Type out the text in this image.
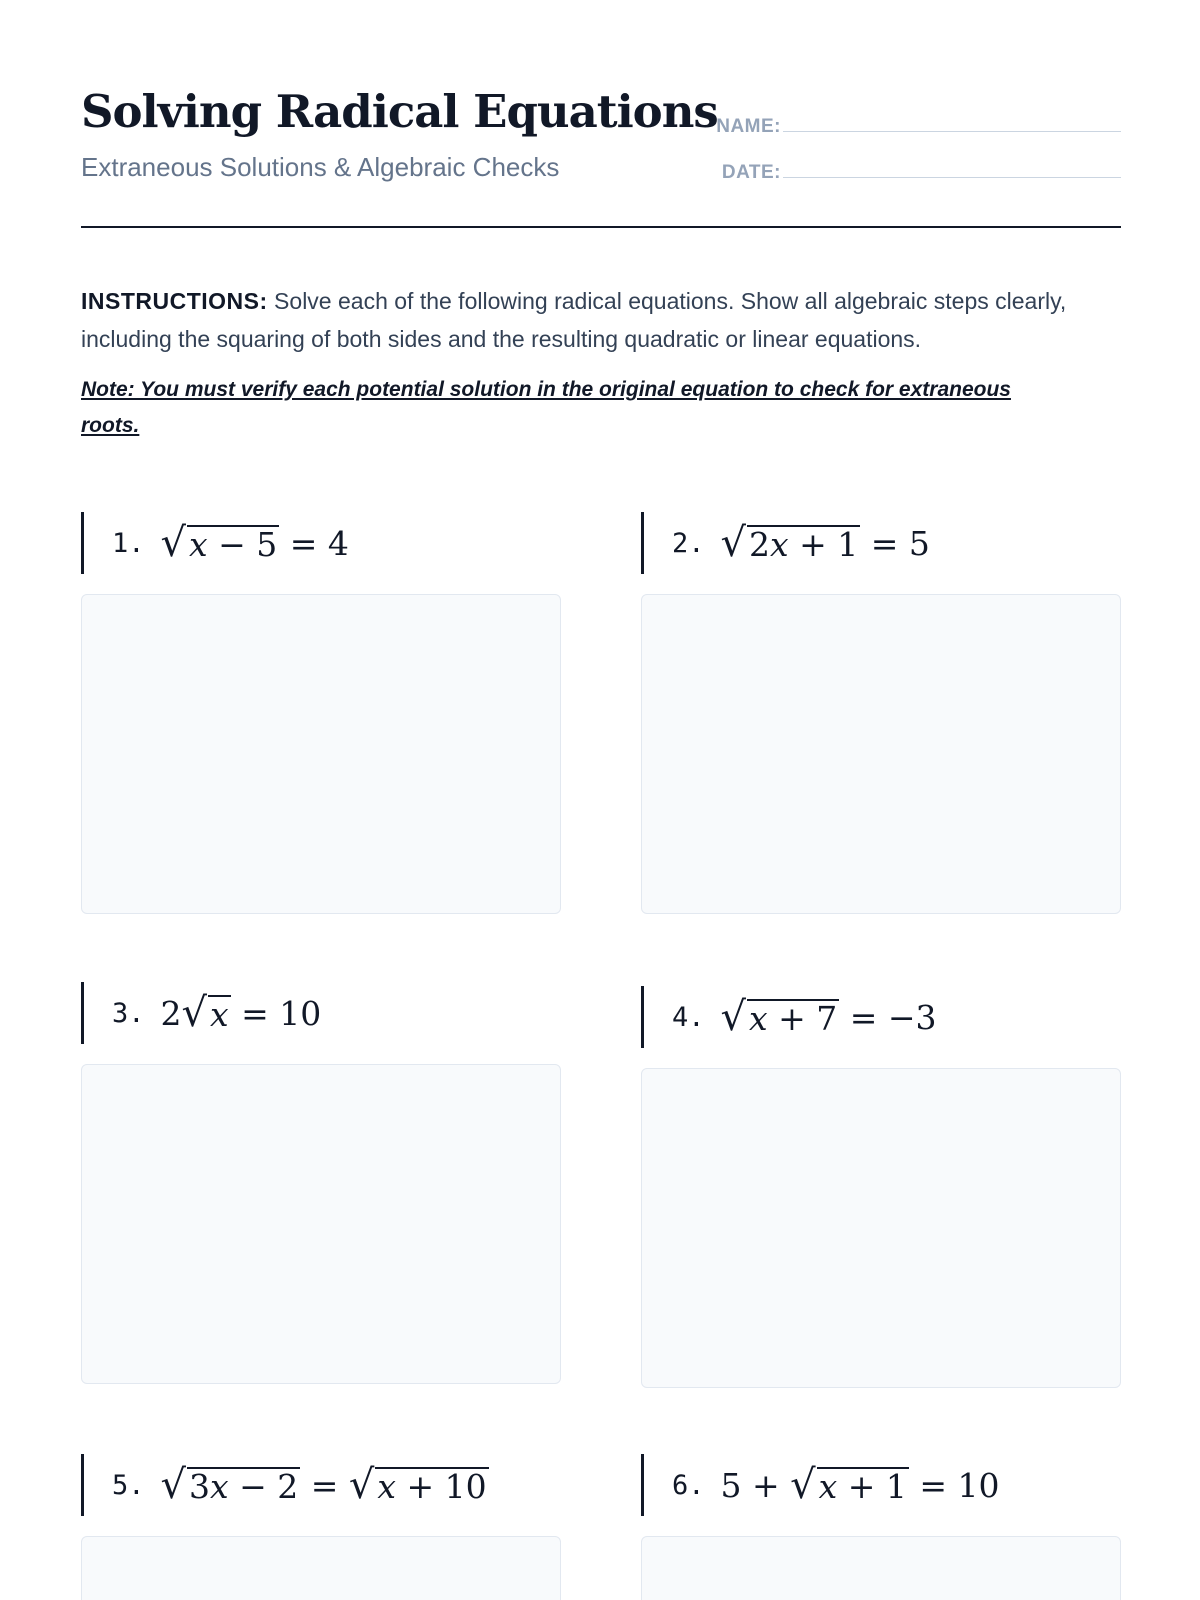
Solving Radical Equations
Extraneous Solutions & Algebraic Checks
NAME:
DATE:
INSTRUCTIONS: Solve each of the following radical equations. Show all algebraic steps clearly, including the squaring of both sides and the resulting quadratic or linear equations.
Note: You must verify each potential solution in the original equation to check for extraneous roots.
1. √ x − 5 = 4	2. √ 2x + 1 = 5
3. 2 √ x = 10	4. √ x + 7 = −3
5. √ 3x − 2 = √ x + 10	6. 5 + √ x + 1 = 10
